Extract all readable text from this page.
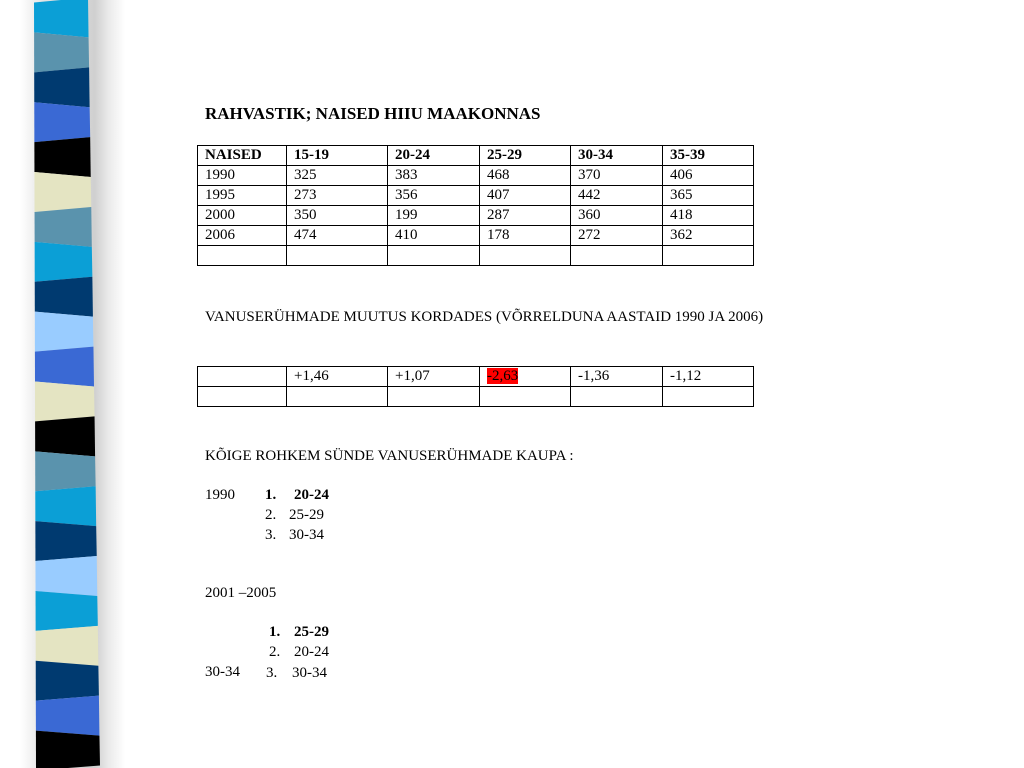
RAHVASTIK; NAISED HIIU MAAKONNAS
NAISED	15-19	20-24	25-29	30-34	35-39
1990	325	383	468	370	406
1995	273	356	407	442	365
2000	350	199	287	360	418
2006	474	410	178	272	362

VANUSERÜHMADE MUUTUS KORDADES (VÕRRELDUNA AASTAID 1990 JA 2006)
	+1,46	+1,07	-2,63	-1,36	-1,12

KÕIGE ROHKEM SÜNDE VANUSERÜHMADE KAUPA :
1990 1. 20-24
2. 25-29
3. 30-34
2001 –2005
1. 25-29
2. 20-24
30-34 3. 30-34
